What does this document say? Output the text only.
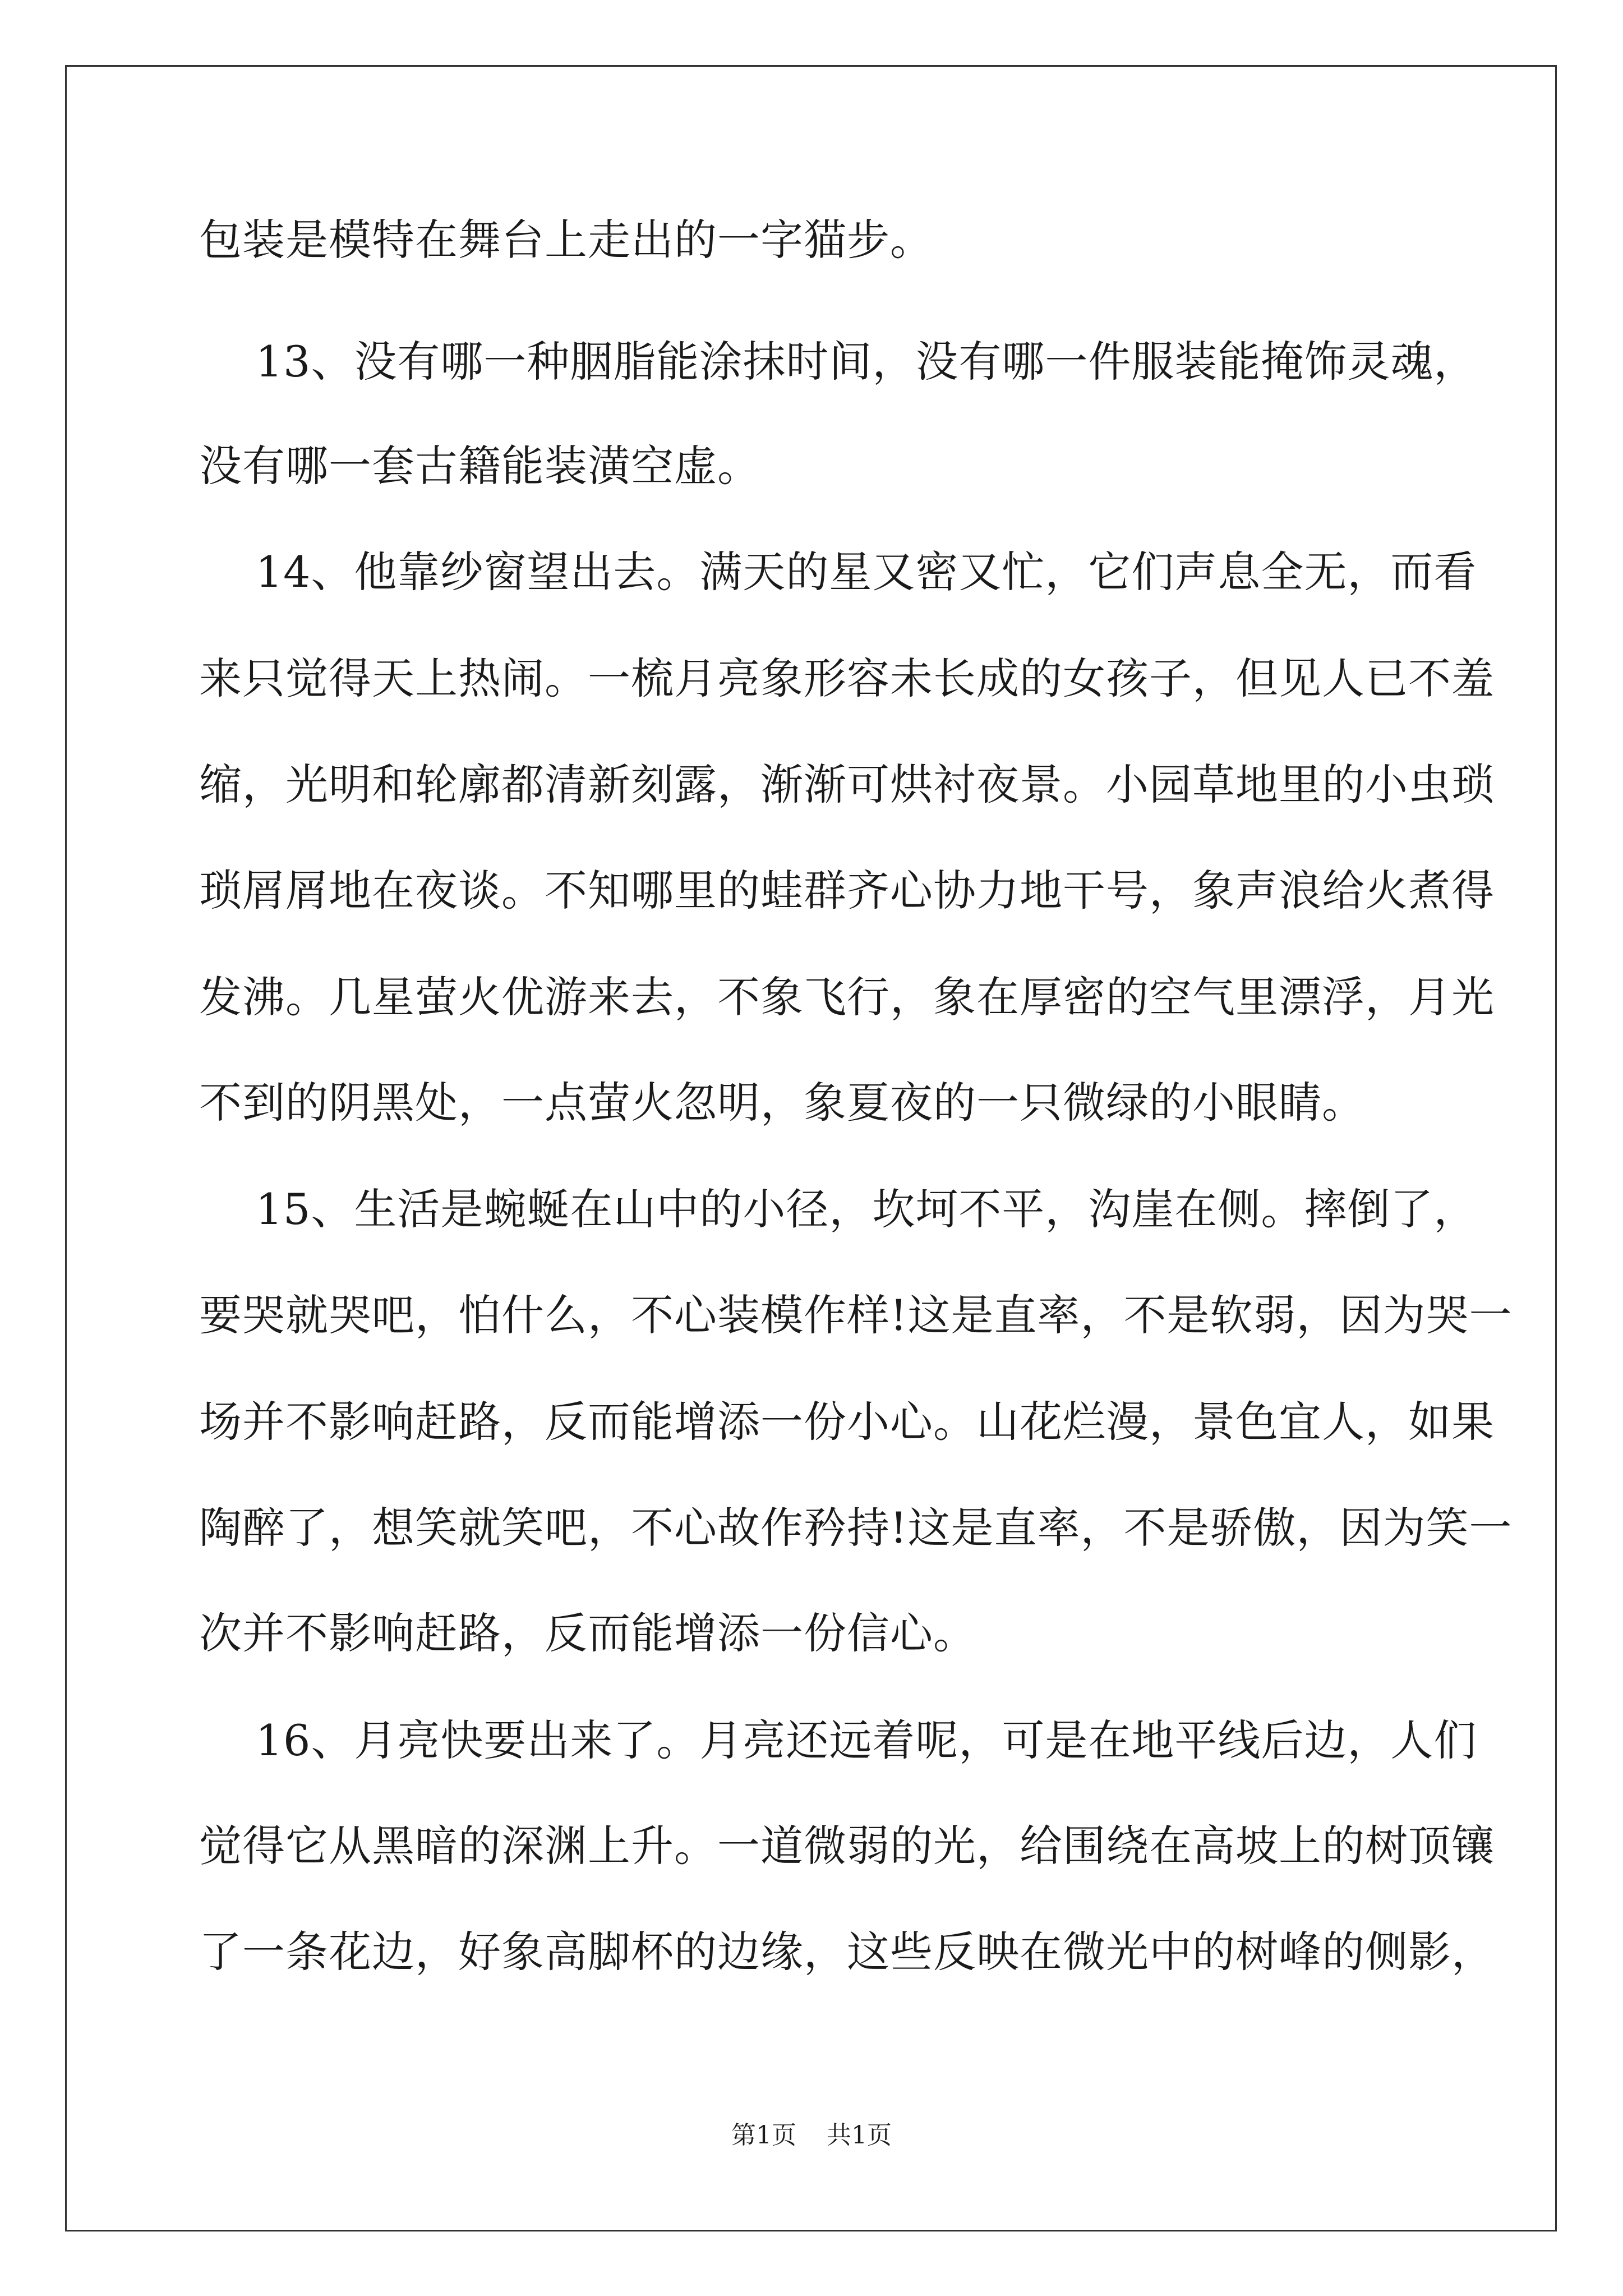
包装是模特在舞台上走出的一字猫步。

13、没有哪一种胭脂能涂抹时间，没有哪一件服装能掩饰灵魂，

没有哪一套古籍能装潢空虚。

14、他靠纱窗望出去。满天的星又密又忙，它们声息全无，而看

来只觉得天上热闹。一梳月亮象形容未长成的女孩子，但见人已不羞

缩，光明和轮廓都清新刻露，渐渐可烘衬夜景。小园草地里的小虫琐

琐屑屑地在夜谈。不知哪里的蛙群齐心协力地干号，象声浪给火煮得

发沸。几星萤火优游来去，不象飞行，象在厚密的空气里漂浮，月光

不到的阴黑处，一点萤火忽明，象夏夜的一只微绿的小眼睛。

15、生活是蜿蜒在山中的小径，坎坷不平，沟崖在侧。摔倒了，

要哭就哭吧，怕什么，不心装模作样!这是直率，不是软弱，因为哭一

场并不影响赶路，反而能增添一份小心。山花烂漫，景色宜人，如果

陶醉了，想笑就笑吧，不心故作矜持!这是直率，不是骄傲，因为笑一

次并不影响赶路，反而能增添一份信心。

16、月亮快要出来了。月亮还远着呢，可是在地平线后边，人们

觉得它从黑暗的深渊上升。一道微弱的光，给围绕在高坡上的树顶镶

了一条花边，好象高脚杯的边缘，这些反映在微光中的树峰的侧影，

第1页 共1页
